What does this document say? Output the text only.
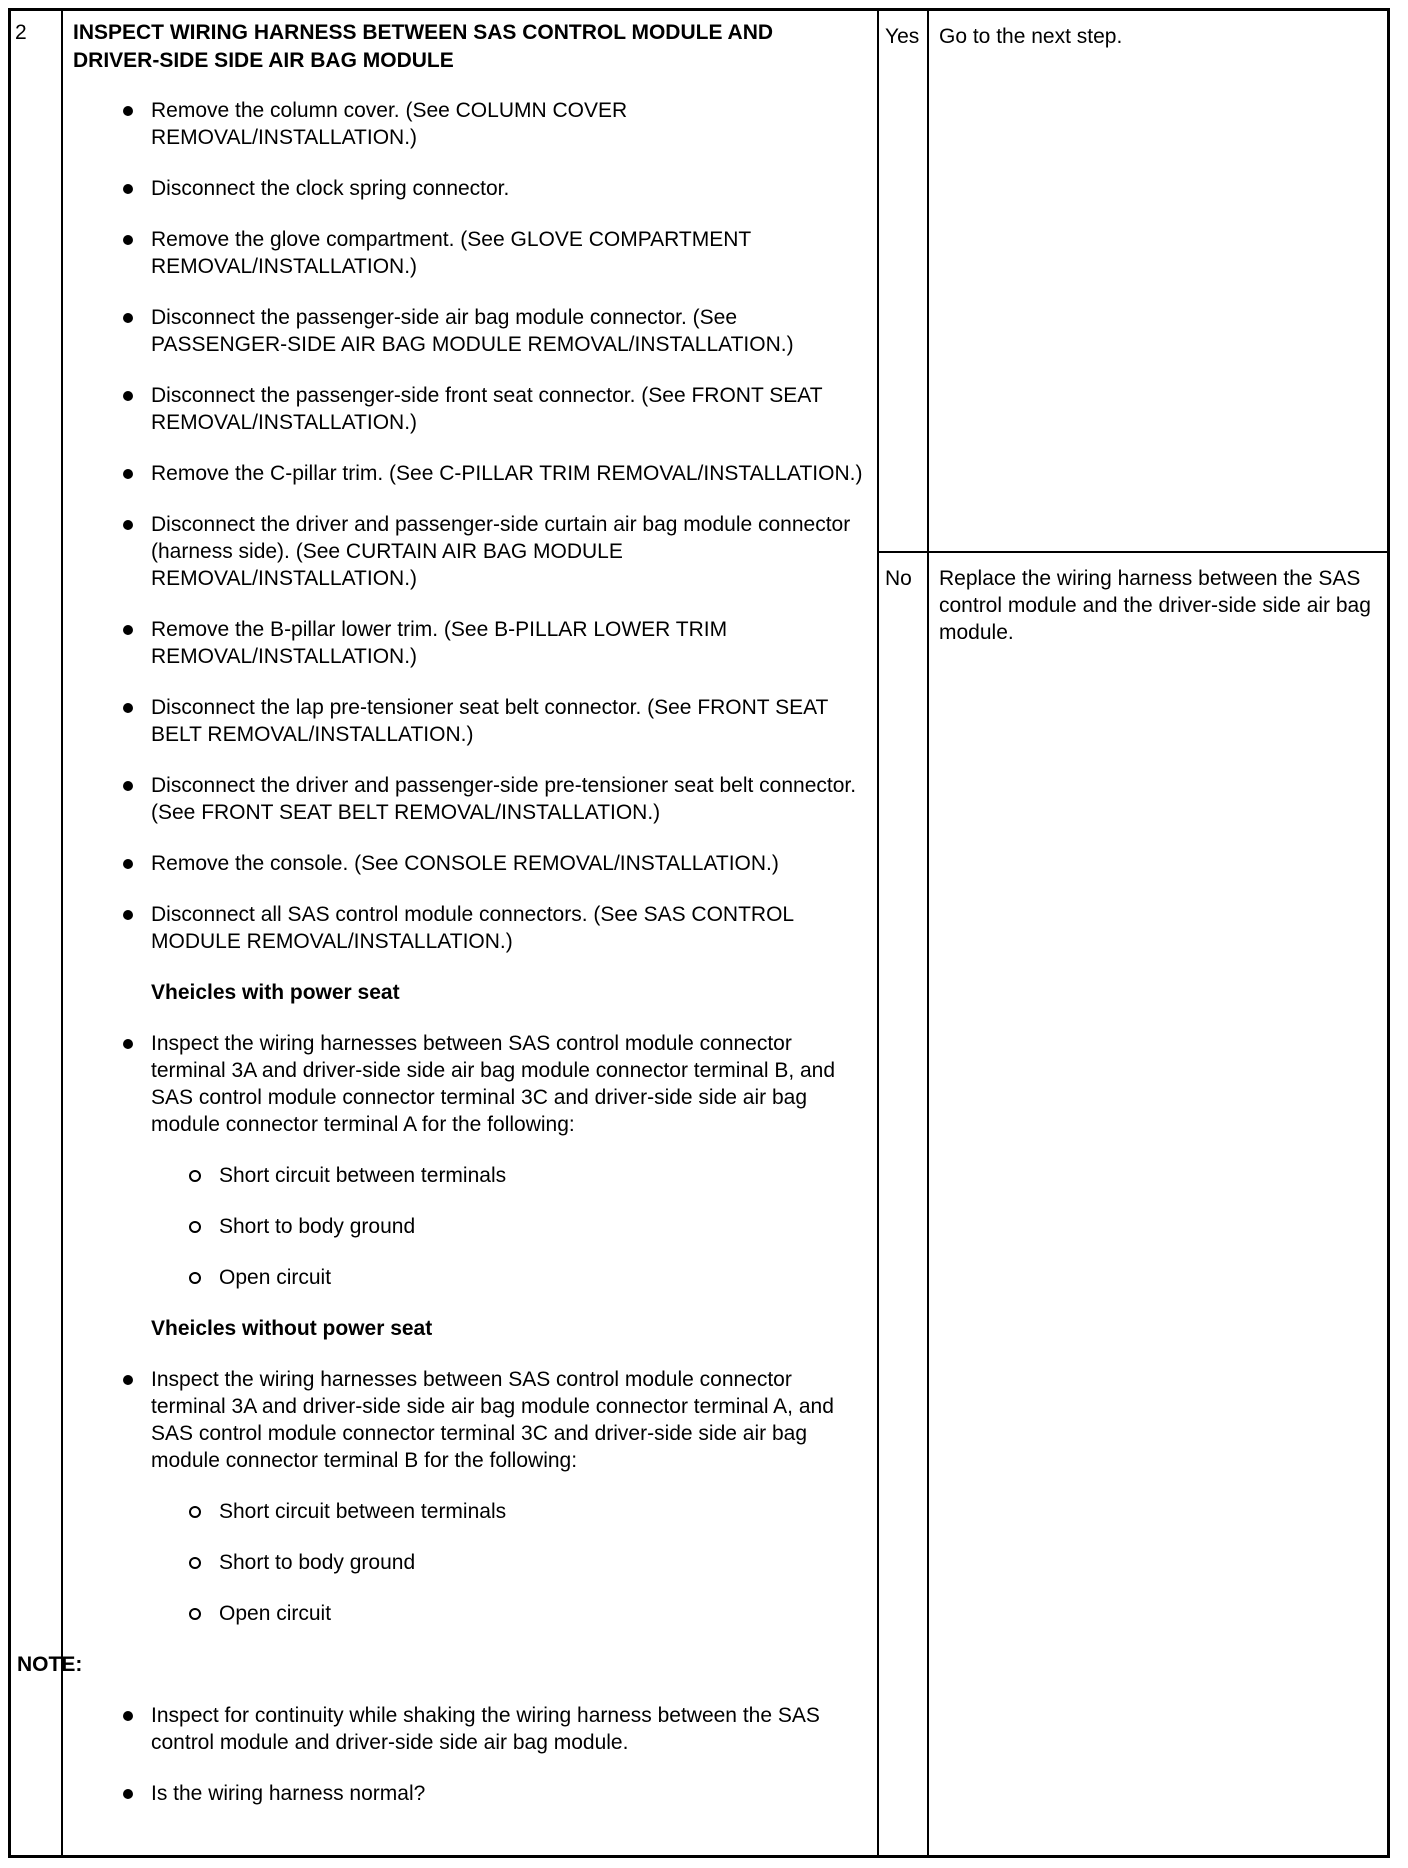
2 INSPECT WIRING HARNESS BETWEEN SAS CONTROL MODULE AND DRIVER-SIDE SIDE AIR BAG MODULE
Remove the column cover. (See COLUMN COVER REMOVAL/INSTALLATION.)
Disconnect the clock spring connector.
Remove the glove compartment. (See GLOVE COMPARTMENT REMOVAL/INSTALLATION.)
Disconnect the passenger-side air bag module connector. (See PASSENGER-SIDE AIR BAG MODULE REMOVAL/INSTALLATION.)
Disconnect the passenger-side front seat connector. (See FRONT SEAT REMOVAL/INSTALLATION.)
Remove the C-pillar trim. (See C-PILLAR TRIM REMOVAL/INSTALLATION.)
Disconnect the driver and passenger-side curtain air bag module connector (harness side). (See CURTAIN AIR BAG MODULE REMOVAL/INSTALLATION.)
Remove the B-pillar lower trim. (See B-PILLAR LOWER TRIM REMOVAL/INSTALLATION.)
Disconnect the lap pre-tensioner seat belt connector. (See FRONT SEAT BELT REMOVAL/INSTALLATION.)
Disconnect the driver and passenger-side pre-tensioner seat belt connector. (See FRONT SEAT BELT REMOVAL/INSTALLATION.)
Remove the console. (See CONSOLE REMOVAL/INSTALLATION.)
Disconnect all SAS control module connectors. (See SAS CONTROL MODULE REMOVAL/INSTALLATION.)
Vheicles with power seat
Inspect the wiring harnesses between SAS control module connector terminal 3A and driver-side side air bag module connector terminal B, and SAS control module connector terminal 3C and driver-side side air bag module connector terminal A for the following:
Short circuit between terminals
Short to body ground
Open circuit
Vheicles without power seat
Inspect the wiring harnesses between SAS control module connector terminal 3A and driver-side side air bag module connector terminal A, and SAS control module connector terminal 3C and driver-side side air bag module connector terminal B for the following:
Short circuit between terminals
Short to body ground
Open circuit
NOTE:
Inspect for continuity while shaking the wiring harness between the SAS control module and driver-side side air bag module.
Is the wiring harness normal?
Yes Go to the next step.
No Replace the wiring harness between the SAS control module and the driver-side side air bag module.
